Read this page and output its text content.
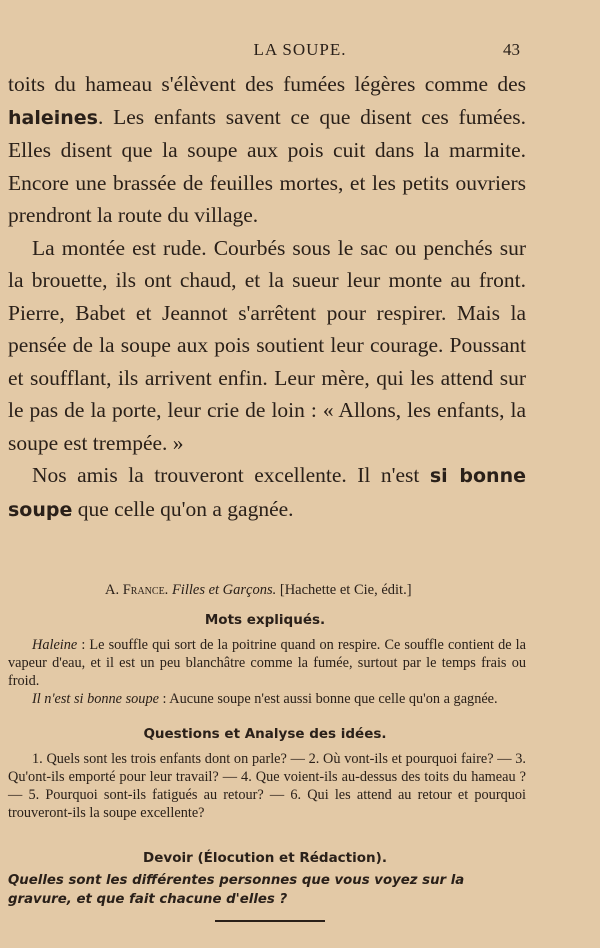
LA SOUPE.	43

toits du hameau s'élèvent des fumées légères comme des haleines. Les enfants savent ce que disent ces fumées. Elles disent que la soupe aux pois cuit dans la marmite. Encore une brassée de feuilles mortes, et les petits ouvriers prendront la route du village.

La montée est rude. Courbés sous le sac ou penchés sur la brouette, ils ont chaud, et la sueur leur monte au front. Pierre, Babet et Jeannot s'arrêtent pour respirer. Mais la pensée de la soupe aux pois soutient leur courage. Poussant et soufflant, ils arrivent enfin. Leur mère, qui les attend sur le pas de la porte, leur crie de loin : « Allons, les enfants, la soupe est trempée. »

Nos amis la trouveront excellente. Il n'est si bonne soupe que celle qu'on a gagnée.

A. France. Filles et Garçons. [Hachette et Cie, édit.]
Mots expliqués.

Haleine : Le souffle qui sort de la poitrine quand on respire. Ce souffle contient de la vapeur d'eau, et il est un peu blanchâtre comme la fumée, surtout par le temps frais ou froid.

Il n'est si bonne soupe : Aucune soupe n'est aussi bonne que celle qu'on a gagnée.

Questions et Analyse des idées.

1. Quels sont les trois enfants dont on parle? — 2. Où vont-ils et pourquoi faire? — 3. Qu'ont-ils emporté pour leur travail? — 4. Que voient-ils au-dessus des toits du hameau ? — 5. Pourquoi sont-ils fatigués au retour? — 6. Qui les attend au retour et pourquoi trouveront-ils la soupe excellente?

Devoir (Élocution et Rédaction).
Quelles sont les différentes personnes que vous voyez sur la gravure, et que fait chacune d'elles ?
